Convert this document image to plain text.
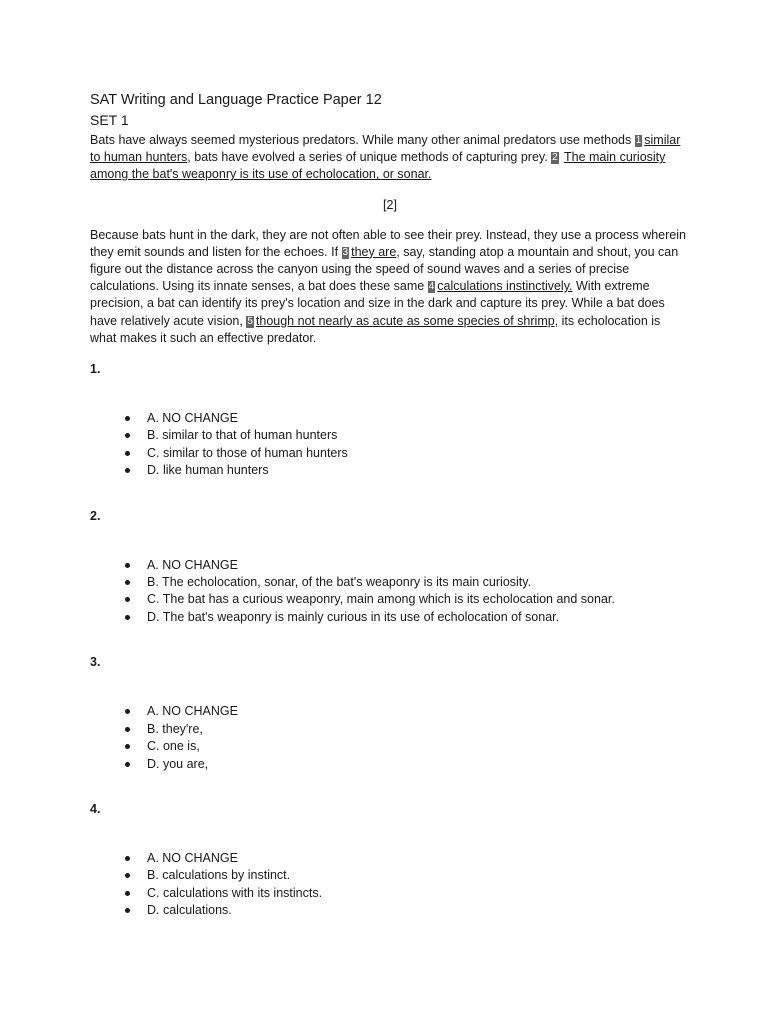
SAT Writing and Language Practice Paper 12

SET 1

Bats have always seemed mysterious predators. While many other animal predators use methods 1 similar to human hunters, bats have evolved a series of unique methods of capturing prey. 2 The main curiosity among the bat's weaponry is its use of echolocation, or sonar.

[2]

Because bats hunt in the dark, they are not often able to see their prey. Instead, they use a process wherein they emit sounds and listen for the echoes. If 3 they are, say, standing atop a mountain and shout, you can figure out the distance across the canyon using the speed of sound waves and a series of precise calculations. Using its innate senses, a bat does these same 4 calculations instinctively. With extreme precision, a bat can identify its prey's location and size in the dark and capture its prey. While a bat does have relatively acute vision, 5 though not nearly as acute as some species of shrimp, its echolocation is what makes it such an effective predator.

1.

A. NO CHANGE
B. similar to that of human hunters
C. similar to those of human hunters
D. like human hunters

2.

A. NO CHANGE
B. The echolocation, sonar, of the bat's weaponry is its main curiosity.
C. The bat has a curious weaponry, main among which is its echolocation and sonar.
D. The bat's weaponry is mainly curious in its use of echolocation of sonar.

3.

A. NO CHANGE
B. they're,
C. one is,
D. you are,

4.

A. NO CHANGE
B. calculations by instinct.
C. calculations with its instincts.
D. calculations.
